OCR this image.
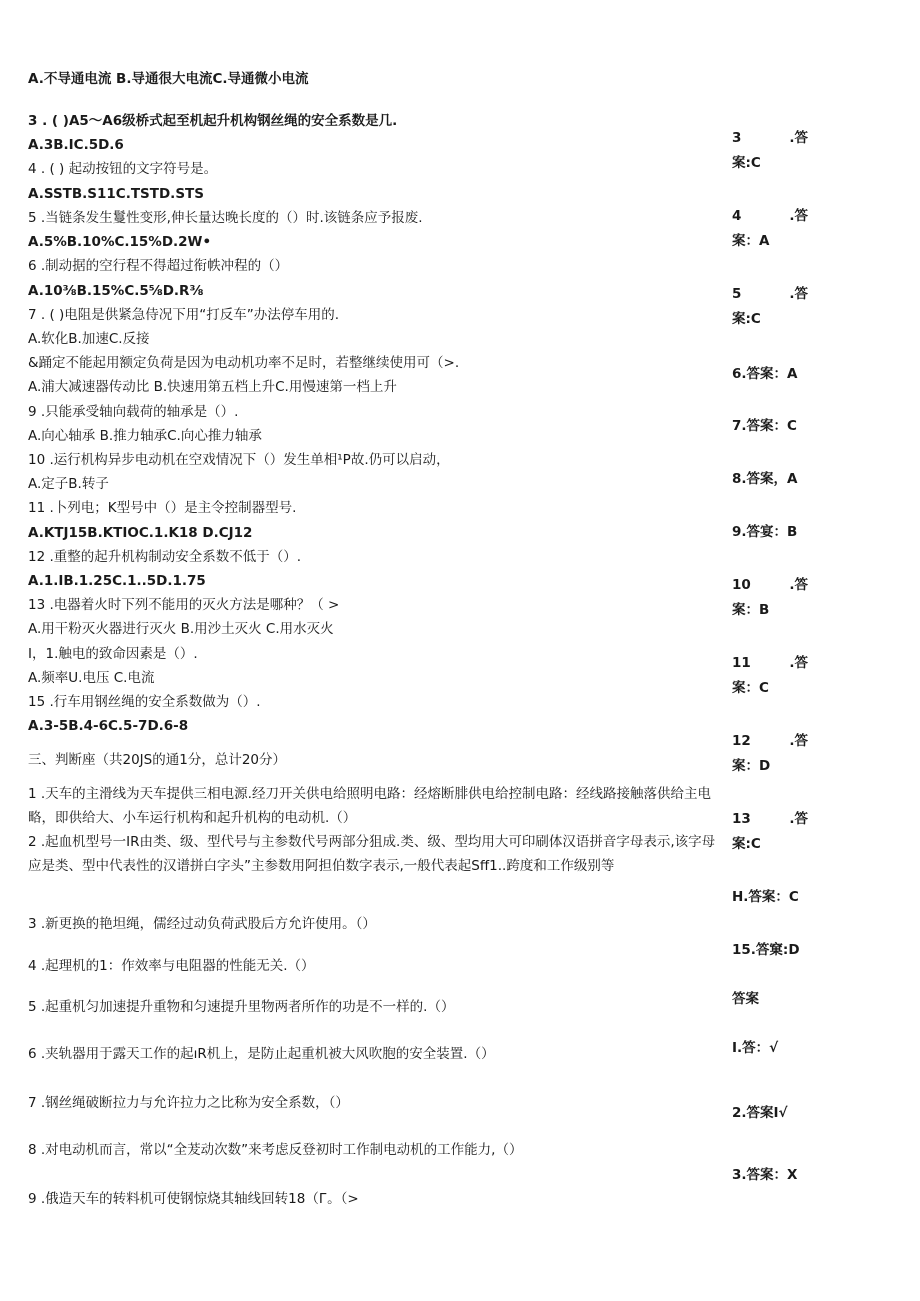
A.不导通电流 B.导通很大电流C.导通微小电流

3 . ( )A5～A6级桥式起至机起升机构钢丝绳的安全系数是几.

A.3B.IC.5D.6

4 . ( ) 起动按钮的文字符号是。

A.SSTB.S11C.TSTD.STS

5 .当链条发生鬘性变形,伸长量达晚长度的（）时.该链条应予报废.

A.5%B.10%C.15%D.2W•

6 .制动据的空行程不得超过衔帙冲程的（）

A.10⅜B.15%C.5⅝D.R⅜

7 . ( )电阻是供紧急侍况下用“打反车”办法停车用的.

A.软化B.加速C.反接

&踊定不能起用额定负荷是因为电动机功率不足时，若整继续使用可（>.

A.浦大减速器传动比 B.快速用第五档上升C.用慢速第一档上升

9 .只能承受轴向载荷的轴承是（）.

A.向心轴承 B.推力轴承C.向心推力轴承

10 .运行机构异步电动机在空戏情况下（）发生单相¹P故.仍可以启动，

A.定子B.转子

11 .卜列电；K型号中（）是主令控制器型号.

A.KTJ15B.KTIOC.1.K18 D.CJ12

12 .重整的起升机构制动安全系数不低于（）.

A.1.IB.1.25C.1..5D.1.75

13 .电器着火时下列不能用的灭火方法是哪种？（ >

A.用干粉灭火器进行灭火 B.用沙土灭火 C.用水灭火

I，1.触电的致命因素是（）.

A.频率U.电压 C.电流

15 .行车用钢丝绳的安全系数做为（）.

A.3-5B.4-6C.5-7D.6-8

三、判断座（共20JS的通1分，总计20分）

1 .天车的主滑线为天车提供三相电源.经刀开关供电给照明电路：经熔断腓供电给控制电路：经线路接触落供给主电略，即供给大、小车运行机构和起升机构的电动机.（）

2 .起血机型号一IR由类、级、型代号与主参数代号两部分狙成.类、级、型均用大可印刷体汉语拼音字母表示,该字母应是类、型中代表性的汉谱拼白字头”主参数用阿担伯数字表示,一般代表起Sff1..跨度和工作级别等

3 .新更换的艳坦绳，儒经过动负荷武股后方允许使用。（）

4 .起理机的1：作效率与电阻器的性能无关.（）

5 .起重机匀加速提升重物和匀速提升里物两者所作的功是不一样的.（）

6 .夹轨器用于露天工作的起ıR机上，是防止起重机被大风吹胞的安全装置.（）

7 .钢丝绳破断拉力与允许拉力之比称为安全系数，（）

8 .对电动机而言，常以“全茇动次数”来考虑反登初时工作制电动机的工作能力,（）

9 .俄造天车的转料机可使钢惊烧其轴线回转18（Г。（>

3	.答
案:C
4	.答
案：A
5	.答
案:C
6.答案：A
7.答案：C
8.答案，A
9.答宴：B
10	.答
案：B
11	.答
案：C
12	.答
案：D
13	.答
案:C
H.答案：C
15.答窠:D
答案
I.答：√
2.答案I√
3.答案：X
